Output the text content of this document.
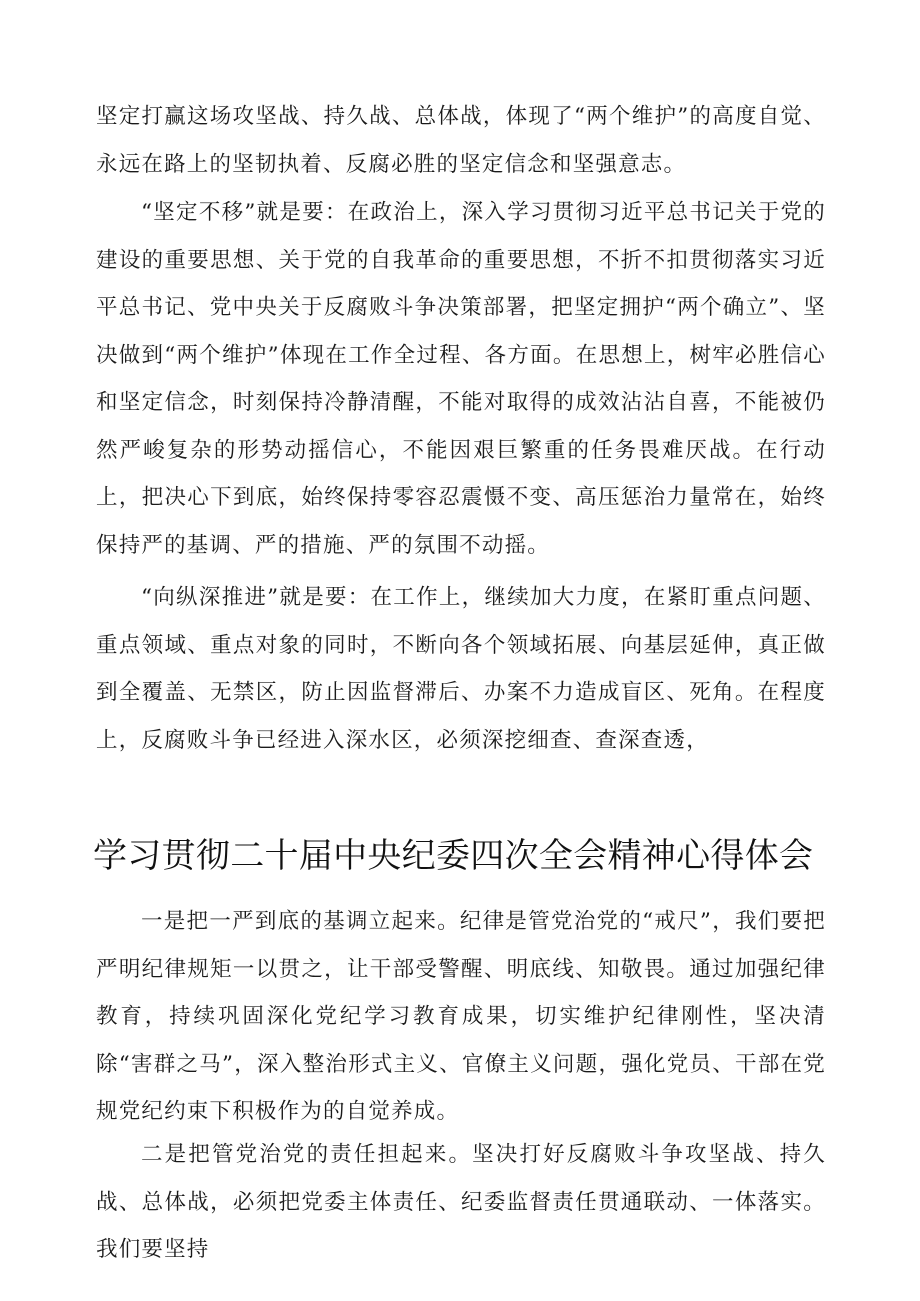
坚定打赢这场攻坚战、持久战、总体战，体现了“两个维护”的高度自觉、永远在路上的坚韧执着、反腐必胜的坚定信念和坚强意志。

“坚定不移”就是要：在政治上，深入学习贯彻习近平总书记关于党的建设的重要思想、关于党的自我革命的重要思想，不折不扣贯彻落实习近平总书记、党中央关于反腐败斗争决策部署，把坚定拥护“两个确立”、坚决做到“两个维护”体现在工作全过程、各方面。在思想上，树牢必胜信心和坚定信念，时刻保持冷静清醒，不能对取得的成效沾沾自喜，不能被仍然严峻复杂的形势动摇信心，不能因艰巨繁重的任务畏难厌战。在行动上，把决心下到底，始终保持零容忍震慑不变、高压惩治力量常在，始终保持严的基调、严的措施、严的氛围不动摇。

“向纵深推进”就是要：在工作上，继续加大力度，在紧盯重点问题、重点领域、重点对象的同时，不断向各个领域拓展、向基层延伸，真正做到全覆盖、无禁区，防止因监督滞后、办案不力造成盲区、死角。在程度上，反腐败斗争已经进入深水区，必须深挖细查、查深查透，

学习贯彻二十届中央纪委四次全会精神心得体会

一是把一严到底的基调立起来。纪律是管党治党的“戒尺”，我们要把严明纪律规矩一以贯之，让干部受警醒、明底线、知敬畏。通过加强纪律教育，持续巩固深化党纪学习教育成果，切实维护纪律刚性，坚决清除“害群之马”，深入整治形式主义、官僚主义问题，强化党员、干部在党规党纪约束下积极作为的自觉养成。

二是把管党治党的责任担起来。坚决打好反腐败斗争攻坚战、持久战、总体战，必须把党委主体责任、纪委监督责任贯通联动、一体落实。我们要坚持
